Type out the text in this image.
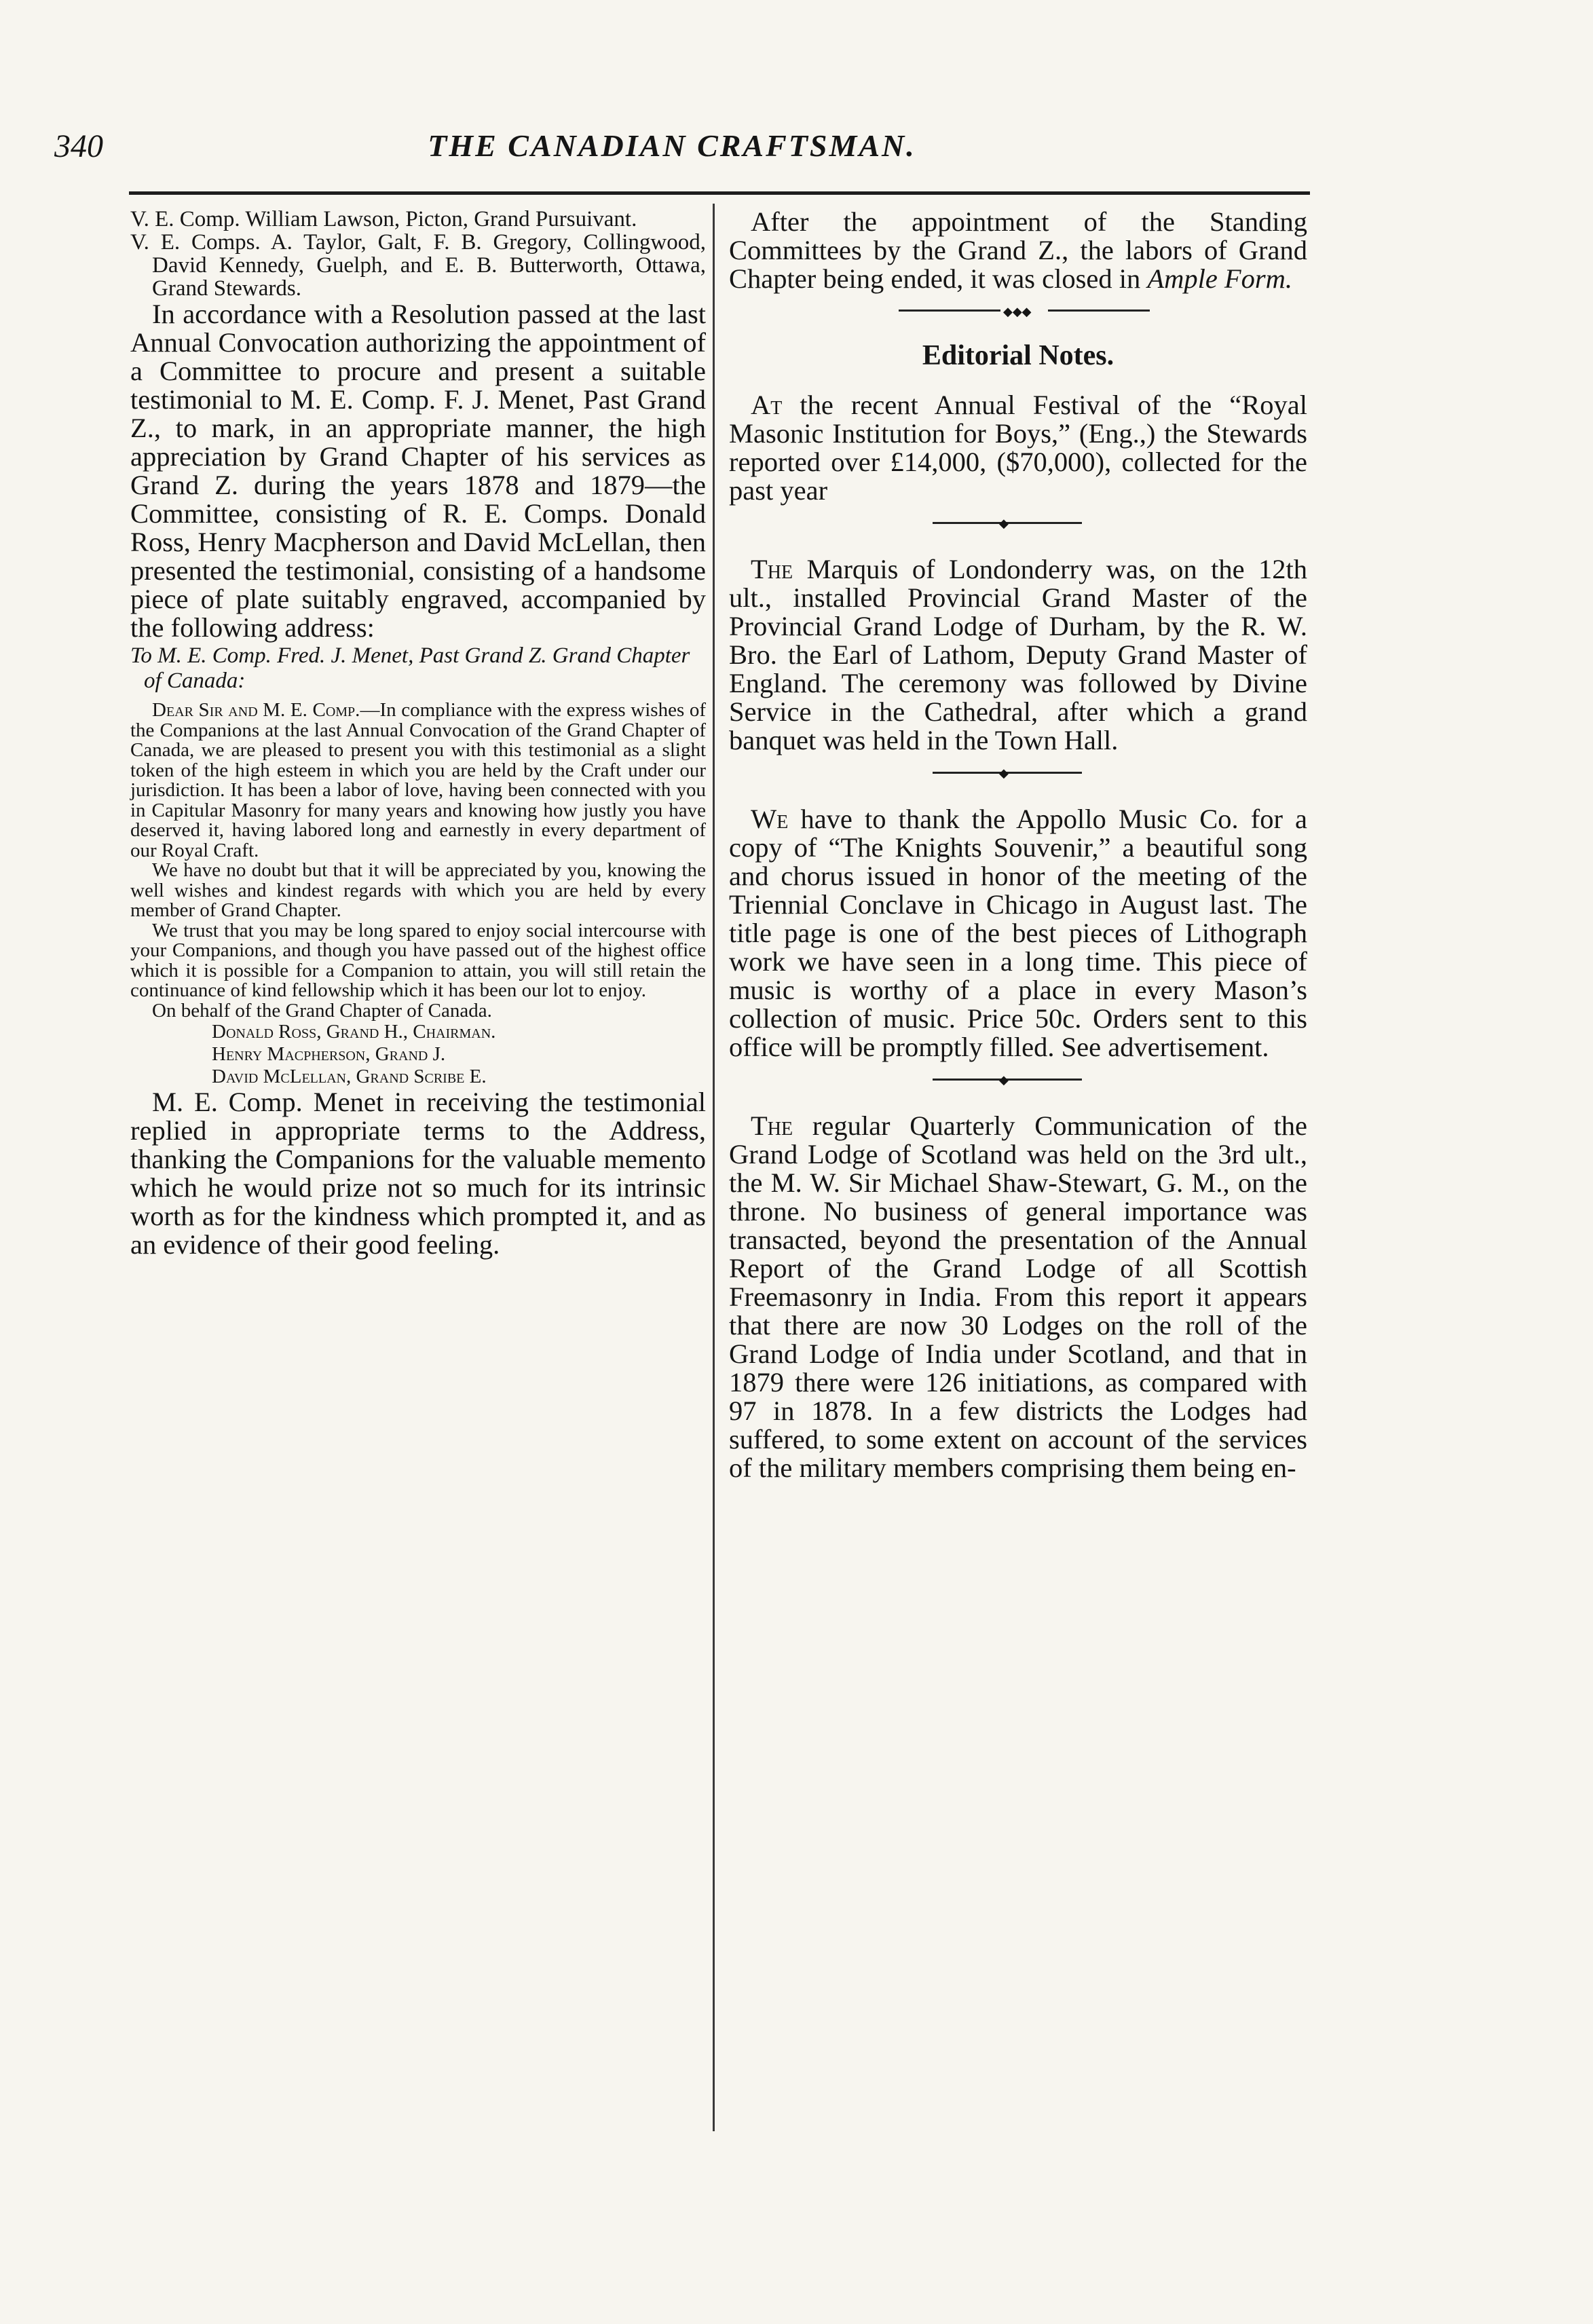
340	THE CANADIAN CRAFTSMAN.

V. E. Comp. William Lawson, Picton, Grand Pursuivant.

V. E. Comps. A. Taylor, Galt, F. B. Gregory, Collingwood, David Kennedy, Guelph, and E. B. Butterworth, Ottawa, Grand Stewards.

In accordance with a Resolution passed at the last Annual Convocation authorizing the appointment of a Committee to procure and present a suitable testimonial to M. E. Comp. F. J. Menet, Past Grand Z., to mark, in an appropriate manner, the high appreciation by Grand Chapter of his services as Grand Z. during the years 1878 and 1879—the Committee, consisting of R. E. Comps. Donald Ross, Henry Macpherson and David McLellan, then presented the testimonial, consisting of a handsome piece of plate suitably engraved, accompanied by the following address:

To M. E. Comp. Fred. J. Menet, Past Grand Z. Grand Chapter of Canada:

Dear Sir and M. E. Comp.—In compliance with the express wishes of the Companions at the last Annual Convocation of the Grand Chapter of Canada, we are pleased to present you with this testimonial as a slight token of the high esteem in which you are held by the Craft under our jurisdiction. It has been a labor of love, having been connected with you in Capitular Masonry for many years and knowing how justly you have deserved it, having labored long and earnestly in every department of our Royal Craft.

We have no doubt but that it will be appreciated by you, knowing the well wishes and kindest regards with which you are held by every member of Grand Chapter.

We trust that you may be long spared to enjoy social intercourse with your Companions, and though you have passed out of the highest office which it is possible for a Companion to attain, you will still retain the continuance of kind fellowship which it has been our lot to enjoy.

On behalf of the Grand Chapter of Canada.

Donald Ross, Grand H., Chairman.

Henry Macpherson, Grand J.

David McLellan, Grand Scribe E.

M. E. Comp. Menet in receiving the testimonial replied in appropriate terms to the Address, thanking the Companions for the valuable memento which he would prize not so much for its intrinsic worth as for the kindness which prompted it, and as an evidence of their good feeling.

After the appointment of the Standing Committees by the Grand Z., the labors of Grand Chapter being ended, it was closed in Ample Form.

◆◆◆
Editorial Notes.

At the recent Annual Festival of the “Royal Masonic Institution for Boys,” (Eng.,) the Stewards reported over £14,000, ($70,000), collected for the past year

◆

The Marquis of Londonderry was, on the 12th ult., installed Provincial Grand Master of the Provincial Grand Lodge of Durham, by the R. W. Bro. the Earl of Lathom, Deputy Grand Master of England. The ceremony was followed by Divine Service in the Cathedral, after which a grand banquet was held in the Town Hall.

◆

We have to thank the Appollo Music Co. for a copy of “The Knights Souvenir,” a beautiful song and chorus issued in honor of the meeting of the Triennial Conclave in Chicago in August last. The title page is one of the best pieces of Lithograph work we have seen in a long time. This piece of music is worthy of a place in every Mason’s collection of music. Price 50c. Orders sent to this office will be promptly filled. See advertisement.

◆

The regular Quarterly Communication of the Grand Lodge of Scotland was held on the 3rd ult., the M. W. Sir Michael Shaw-Stewart, G. M., on the throne. No business of general importance was transacted, beyond the presentation of the Annual Report of the Grand Lodge of all Scottish Freemasonry in India. From this report it appears that there are now 30 Lodges on the roll of the Grand Lodge of India under Scotland, and that in 1879 there were 126 initiations, as compared with 97 in 1878. In a few districts the Lodges had suffered, to some extent on account of the services of the military members comprising them being en-
